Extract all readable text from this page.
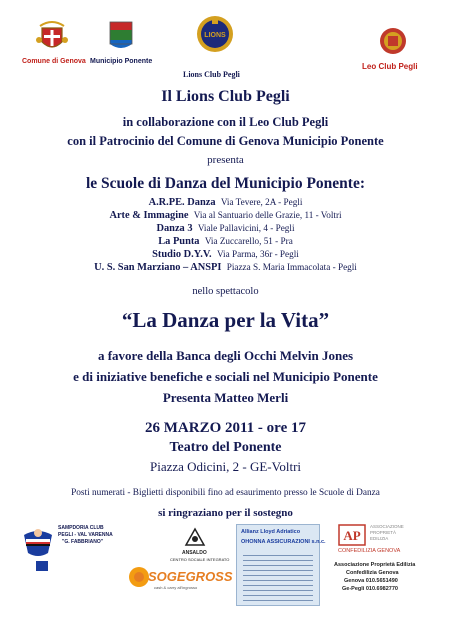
Comune di Genova Municipio Ponente
LIONS
Lions Club Pegli
Leo Club Pegli
Il Lions Club Pegli
in collaborazione con il Leo Club Pegli
con il Patrocinio del Comune di Genova Municipio Ponente
presenta
le Scuole di Danza del Municipio Ponente:
A.R.PE. Danza Via Tevere, 2A - Pegli
Arte & Immagine Via al Santuario delle Grazie, 11 - Voltri
Danza 3 Viale Pallavicini, 4 - Pegli
La Punta Via Zuccarello, 51 - Pra
Studio D.Y.V. Via Parma, 36r - Pegli
U. S. San Marziano – ANSPI Piazza S. Maria Immacolata - Pegli
nello spettacolo
“La Danza per la Vita”
a favore della Banca degli Occhi Melvin Jones
e di iniziative benefiche e sociali nel Municipio Ponente
Presenta Matteo Merli
26 MARZO 2011 - ore 17
Teatro del Ponente
Piazza Odicini, 2 - GE-Voltri
Posti numerati - Biglietti disponibili fino ad esaurimento presso le Scuole di Danza
si ringraziano per il sostegno
SAMPDORIA CLUB
PEGLI - VAL VARENNA
"G. FABBRIANO"
ANSALDO
CENTRO SOCIALE INTEGRATO
SOGEGROSS
cash & carry all'ingrosso
Allianz Lloyd Adriatico
OHONNA ASSICURAZIONI s.n.c. AP
ASSOCIAZIONE
PROPRIETÀ
EDILIZIA
CONFEDILIZIA GENOVA
Associazione Proprietà Edilizia
Confedilizia Genova
Genova 010.5651490
Ge-Pegli 010.6982770
